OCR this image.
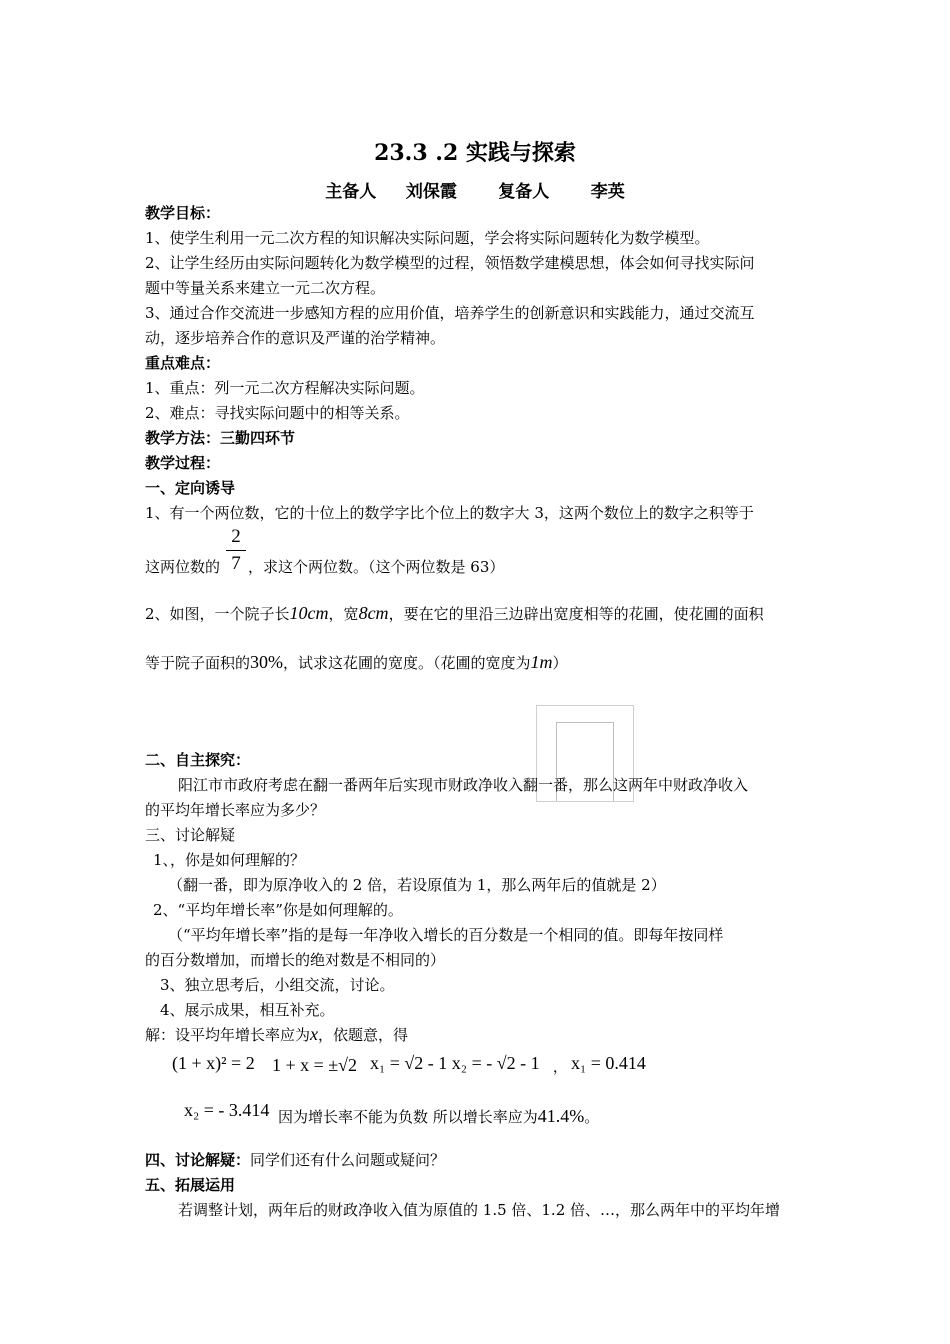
23.3 .2 实践与探索
主备人 刘保霞 复备人 李英
教学目标：
1、使学生利用一元二次方程的知识解决实际问题，学会将实际问题转化为数学模型。
2、让学生经历由实际问题转化为数学模型的过程，领悟数学建模思想，体会如何寻找实际问
题中等量关系来建立一元二次方程。
3、通过合作交流进一步感知方程的应用价值，培养学生的创新意识和实践能力，通过交流互
动，逐步培养合作的意识及严谨的治学精神。
重点难点：
1、重点：列一元二次方程解决实际问题。
2、难点：寻找实际问题中的相等关系。
教学方法：三勤四环节
教学过程：
一、定向诱导
1、有一个两位数，它的十位上的数学字比个位上的数字大 3，这两个数位上的数字之积等于
$\frac{2}{7}$
这两位数的 ，求这个两位数。（这个两位数是 63）
2、如图，一个院子长10cm，宽8cm，要在它的里沿三边辟出宽度相等的花圃，使花圃的面积
等于院子面积的30%，试求这花圃的宽度。（花圃的宽度为1m）
二、自主探究：
阳江市市政府考虑在翻一番两年后实现市财政净收入翻一番，那么这两年中财政净收入
的平均年增长率应为多少？
三、讨论解疑
1、，你是如何理解的？
（翻一番，即为原净收入的 2 倍，若设原值为 1，那么两年后的值就是 2）
2、“平均年增长率”你是如何理解的。
（“平均年增长率”指的是每一年净收入增长的百分数是一个相同的值。即每年按同样
的百分数增加，而增长的绝对数是不相同的）
3、独立思考后，小组交流，讨论。
4、展示成果，相互补充。
解：设平均年增长率应为x，依题意，得
(1 + x)² = 2 1 + x = ±√2 x₁ = √2 - 1 x₂ = - √2 - 1 ， x₁ = 0.414
x₂ = - 3.414 因为增长率不能为负数 所以增长率应为41.4%。
四、讨论解疑：同学们还有什么问题或疑问？
五、拓展运用
若调整计划，两年后的财政净收入值为原值的 1.5 倍、1.2 倍、…，那么两年中的平均年增
